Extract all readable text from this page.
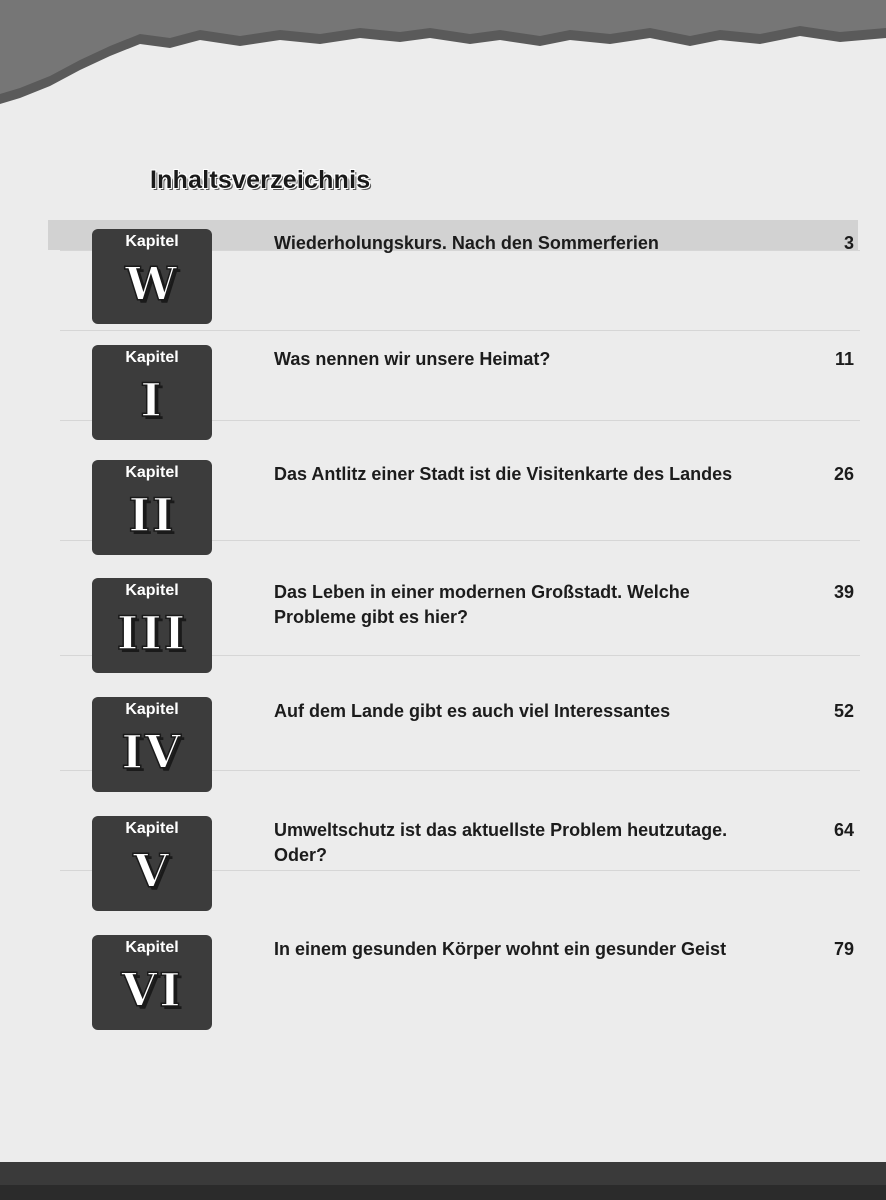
Inhaltsverzeichnis
Kapitel
W
Wiederholungskurs. Nach den Sommerferien	3
Kapitel
I
Was nennen wir unsere Heimat?	11
Kapitel
II
Das Antlitz einer Stadt ist die Visitenkarte des Landes	26
Kapitel
III
Das Leben in einer modernen Großstadt. Welche Probleme gibt es hier?
39
Kapitel
IV
Auf dem Lande gibt es auch viel Interessantes	52
Kapitel
V
Umweltschutz ist das aktuellste Problem heutzutage. Oder?
64
Kapitel
VI
In einem gesunden Körper wohnt ein gesunder Geist	79
